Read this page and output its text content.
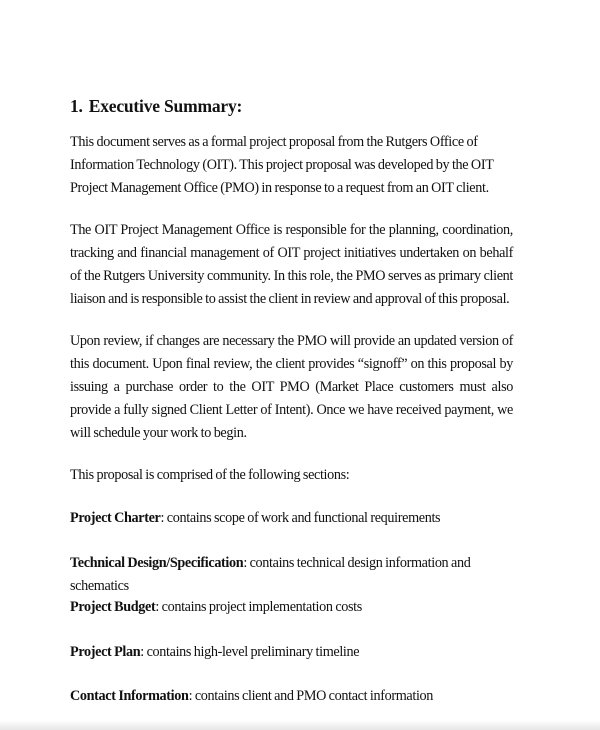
1. Executive Summary:

This document serves as a formal project proposal from the Rutgers Office of Information Technology (OIT). This project proposal was developed by the OIT Project Management Office (PMO) in response to a request from an OIT client.

The OIT Project Management Office is responsible for the planning, coordination, tracking and financial management of OIT project initiatives undertaken on behalf of the Rutgers University community. In this role, the PMO serves as primary client liaison and is responsible to assist the client in review and approval of this proposal.

Upon review, if changes are necessary the PMO will provide an updated version of this document. Upon final review, the client provides “signoff” on this proposal by issuing a purchase order to the OIT PMO (Market Place customers must also provide a fully signed Client Letter of Intent). Once we have received payment, we will schedule your work to begin.

This proposal is comprised of the following sections:

Project Charter: contains scope of work and functional requirements
Technical Design/Specification: contains technical design information and schematics
Project Budget: contains project implementation costs
Project Plan: contains high-level preliminary timeline
Contact Information: contains client and PMO contact information
